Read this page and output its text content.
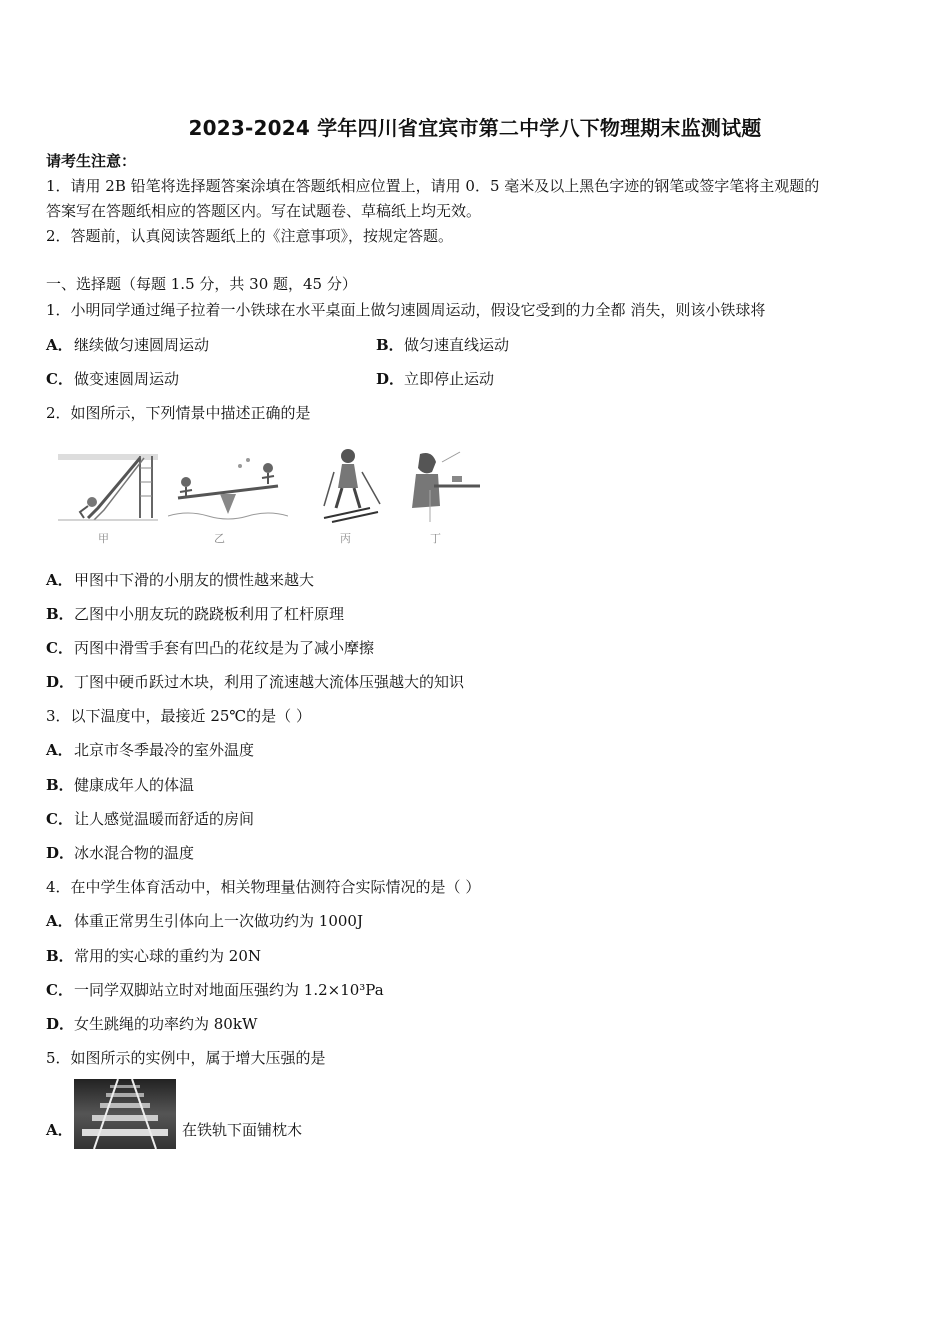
2023-2024 学年四川省宜宾市第二中学八下物理期末监测试题
请考生注意：
1．请用 2B 铅笔将选择题答案涂填在答题纸相应位置上，请用 0．5 毫米及以上黑色字迹的钢笔或签字笔将主观题的
答案写在答题纸相应的答题区内。写在试题卷、草稿纸上均无效。
2．答题前，认真阅读答题纸上的《注意事项》，按规定答题。
一、选择题（每题 1.5 分，共 30 题，45 分）
1．小明同学通过绳子拉着一小铁球在水平桌面上做匀速圆周运动，假设它受到的力全都 消失，则该小铁球将
A．继续做匀速圆周运动	B．做匀速直线运动
C．做变速圆周运动	D．立即停止运动
2．如图所示，下列情景中描述正确的是
甲	乙	丙	丁
A．甲图中下滑的小朋友的惯性越来越大
B．乙图中小朋友玩的跷跷板利用了杠杆原理
C．丙图中滑雪手套有凹凸的花纹是为了减小摩擦
D．丁图中硬币跃过木块，利用了流速越大流体压强越大的知识
3．以下温度中，最接近 25℃的是（ ）
A．北京市冬季最冷的室外温度
B．健康成年人的体温
C．让人感觉温暖而舒适的房间
D．冰水混合物的温度
4．在中学生体育活动中，相关物理量估测符合实际情况的是（ ）
A．体重正常男生引体向上一次做功约为 1000J
B．常用的实心球的重约为 20N
C．一同学双脚站立时对地面压强约为 1.2×10³Pa
D．女生跳绳的功率约为 80kW
5．如图所示的实例中，属于增大压强的是
A．	在铁轨下面铺枕木
